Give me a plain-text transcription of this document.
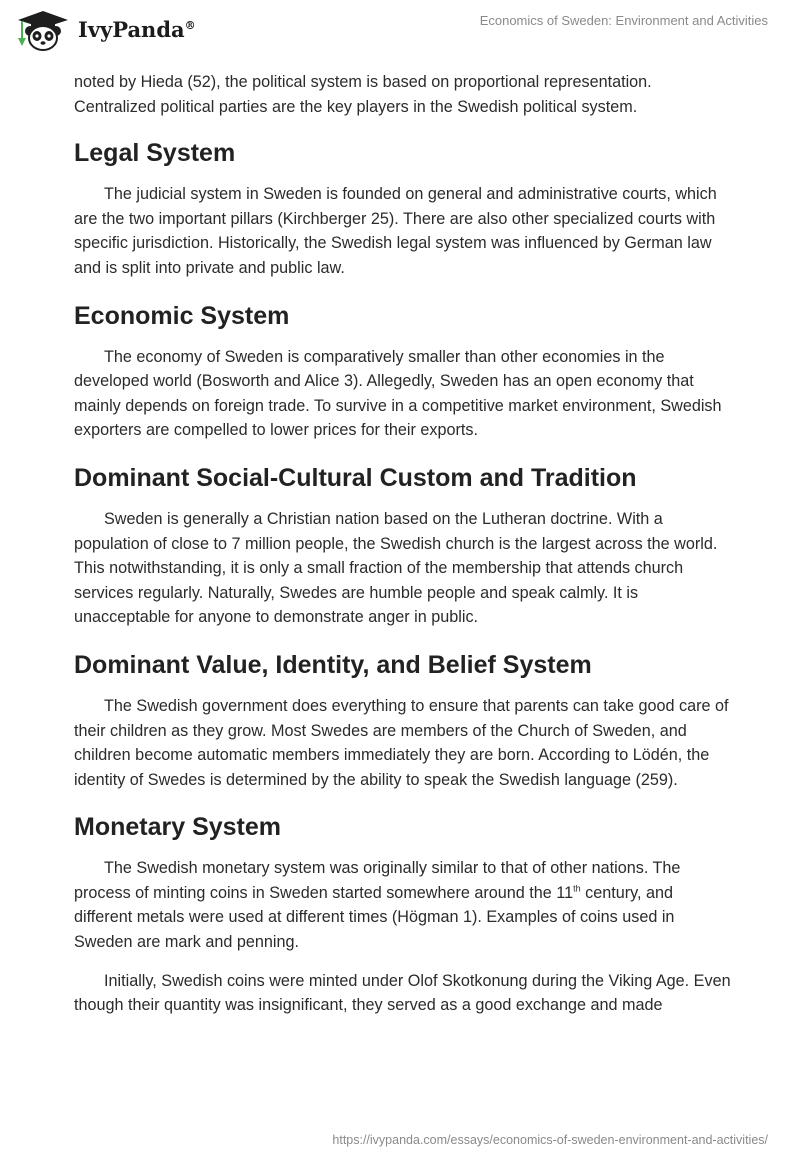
IvyPanda®	Economics of Sweden: Environment and Activities

noted by Hieda (52), the political system is based on proportional representation. Centralized political parties are the key players in the Swedish political system.

Legal System

The judicial system in Sweden is founded on general and administrative courts, which are the two important pillars (Kirchberger 25). There are also other specialized courts with specific jurisdiction. Historically, the Swedish legal system was influenced by German law and is split into private and public law.

Economic System

The economy of Sweden is comparatively smaller than other economies in the developed world (Bosworth and Alice 3). Allegedly, Sweden has an open economy that mainly depends on foreign trade. To survive in a competitive market environment, Swedish exporters are compelled to lower prices for their exports.

Dominant Social-Cultural Custom and Tradition

Sweden is generally a Christian nation based on the Lutheran doctrine. With a population of close to 7 million people, the Swedish church is the largest across the world. This notwithstanding, it is only a small fraction of the membership that attends church services regularly. Naturally, Swedes are humble people and speak calmly. It is unacceptable for anyone to demonstrate anger in public.

Dominant Value, Identity, and Belief System

The Swedish government does everything to ensure that parents can take good care of their children as they grow. Most Swedes are members of the Church of Sweden, and children become automatic members immediately they are born. According to Lödén, the identity of Swedes is determined by the ability to speak the Swedish language (259).

Monetary System

The Swedish monetary system was originally similar to that of other nations. The process of minting coins in Sweden started somewhere around the 11th century, and different metals were used at different times (Högman 1). Examples of coins used in Sweden are mark and penning.

Initially, Swedish coins were minted under Olof Skotkonung during the Viking Age. Even though their quantity was insignificant, they served as a good exchange and made

https://ivypanda.com/essays/economics-of-sweden-environment-and-activities/
